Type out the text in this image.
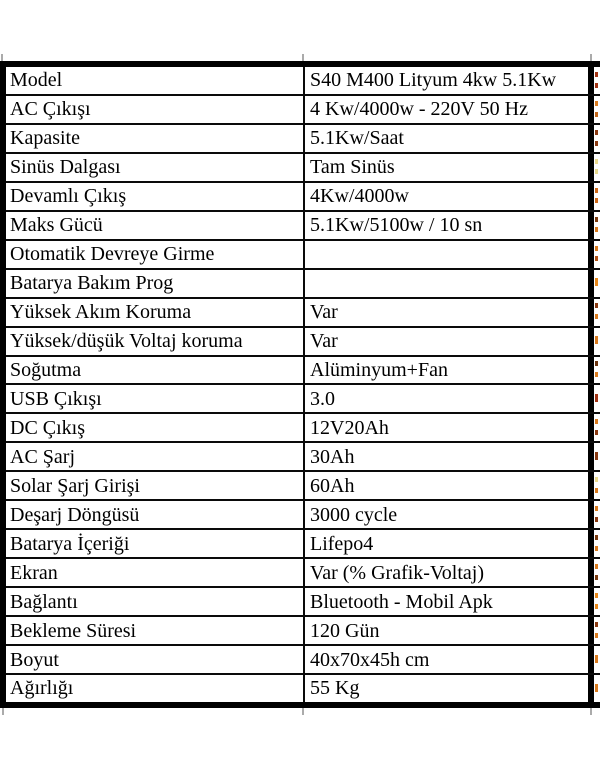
Model	S40 M400 Lityum 4kw 5.1Kw
AC Çıkışı	4 Kw/4000w - 220V 50 Hz
Kapasite	5.1Kw/Saat
Sinüs Dalgası	Tam Sinüs
Devamlı Çıkış	4Kw/4000w
Maks Gücü	5.1Kw/5100w / 10 sn
Otomatik Devreye Girme
Batarya Bakım Prog
Yüksek Akım Koruma	Var
Yüksek/düşük Voltaj koruma	Var
Soğutma	Alüminyum+Fan
USB Çıkışı	3.0
DC Çıkış	12V20Ah
AC Şarj	30Ah
Solar Şarj Girişi	60Ah
Deşarj Döngüsü	3000 cycle
Batarya İçeriği	Lifepo4
Ekran	Var (% Grafik-Voltaj)
Bağlantı	Bluetooth - Mobil Apk
Bekleme Süresi	120 Gün
Boyut	40x70x45h cm
Ağırlığı	55 Kg
